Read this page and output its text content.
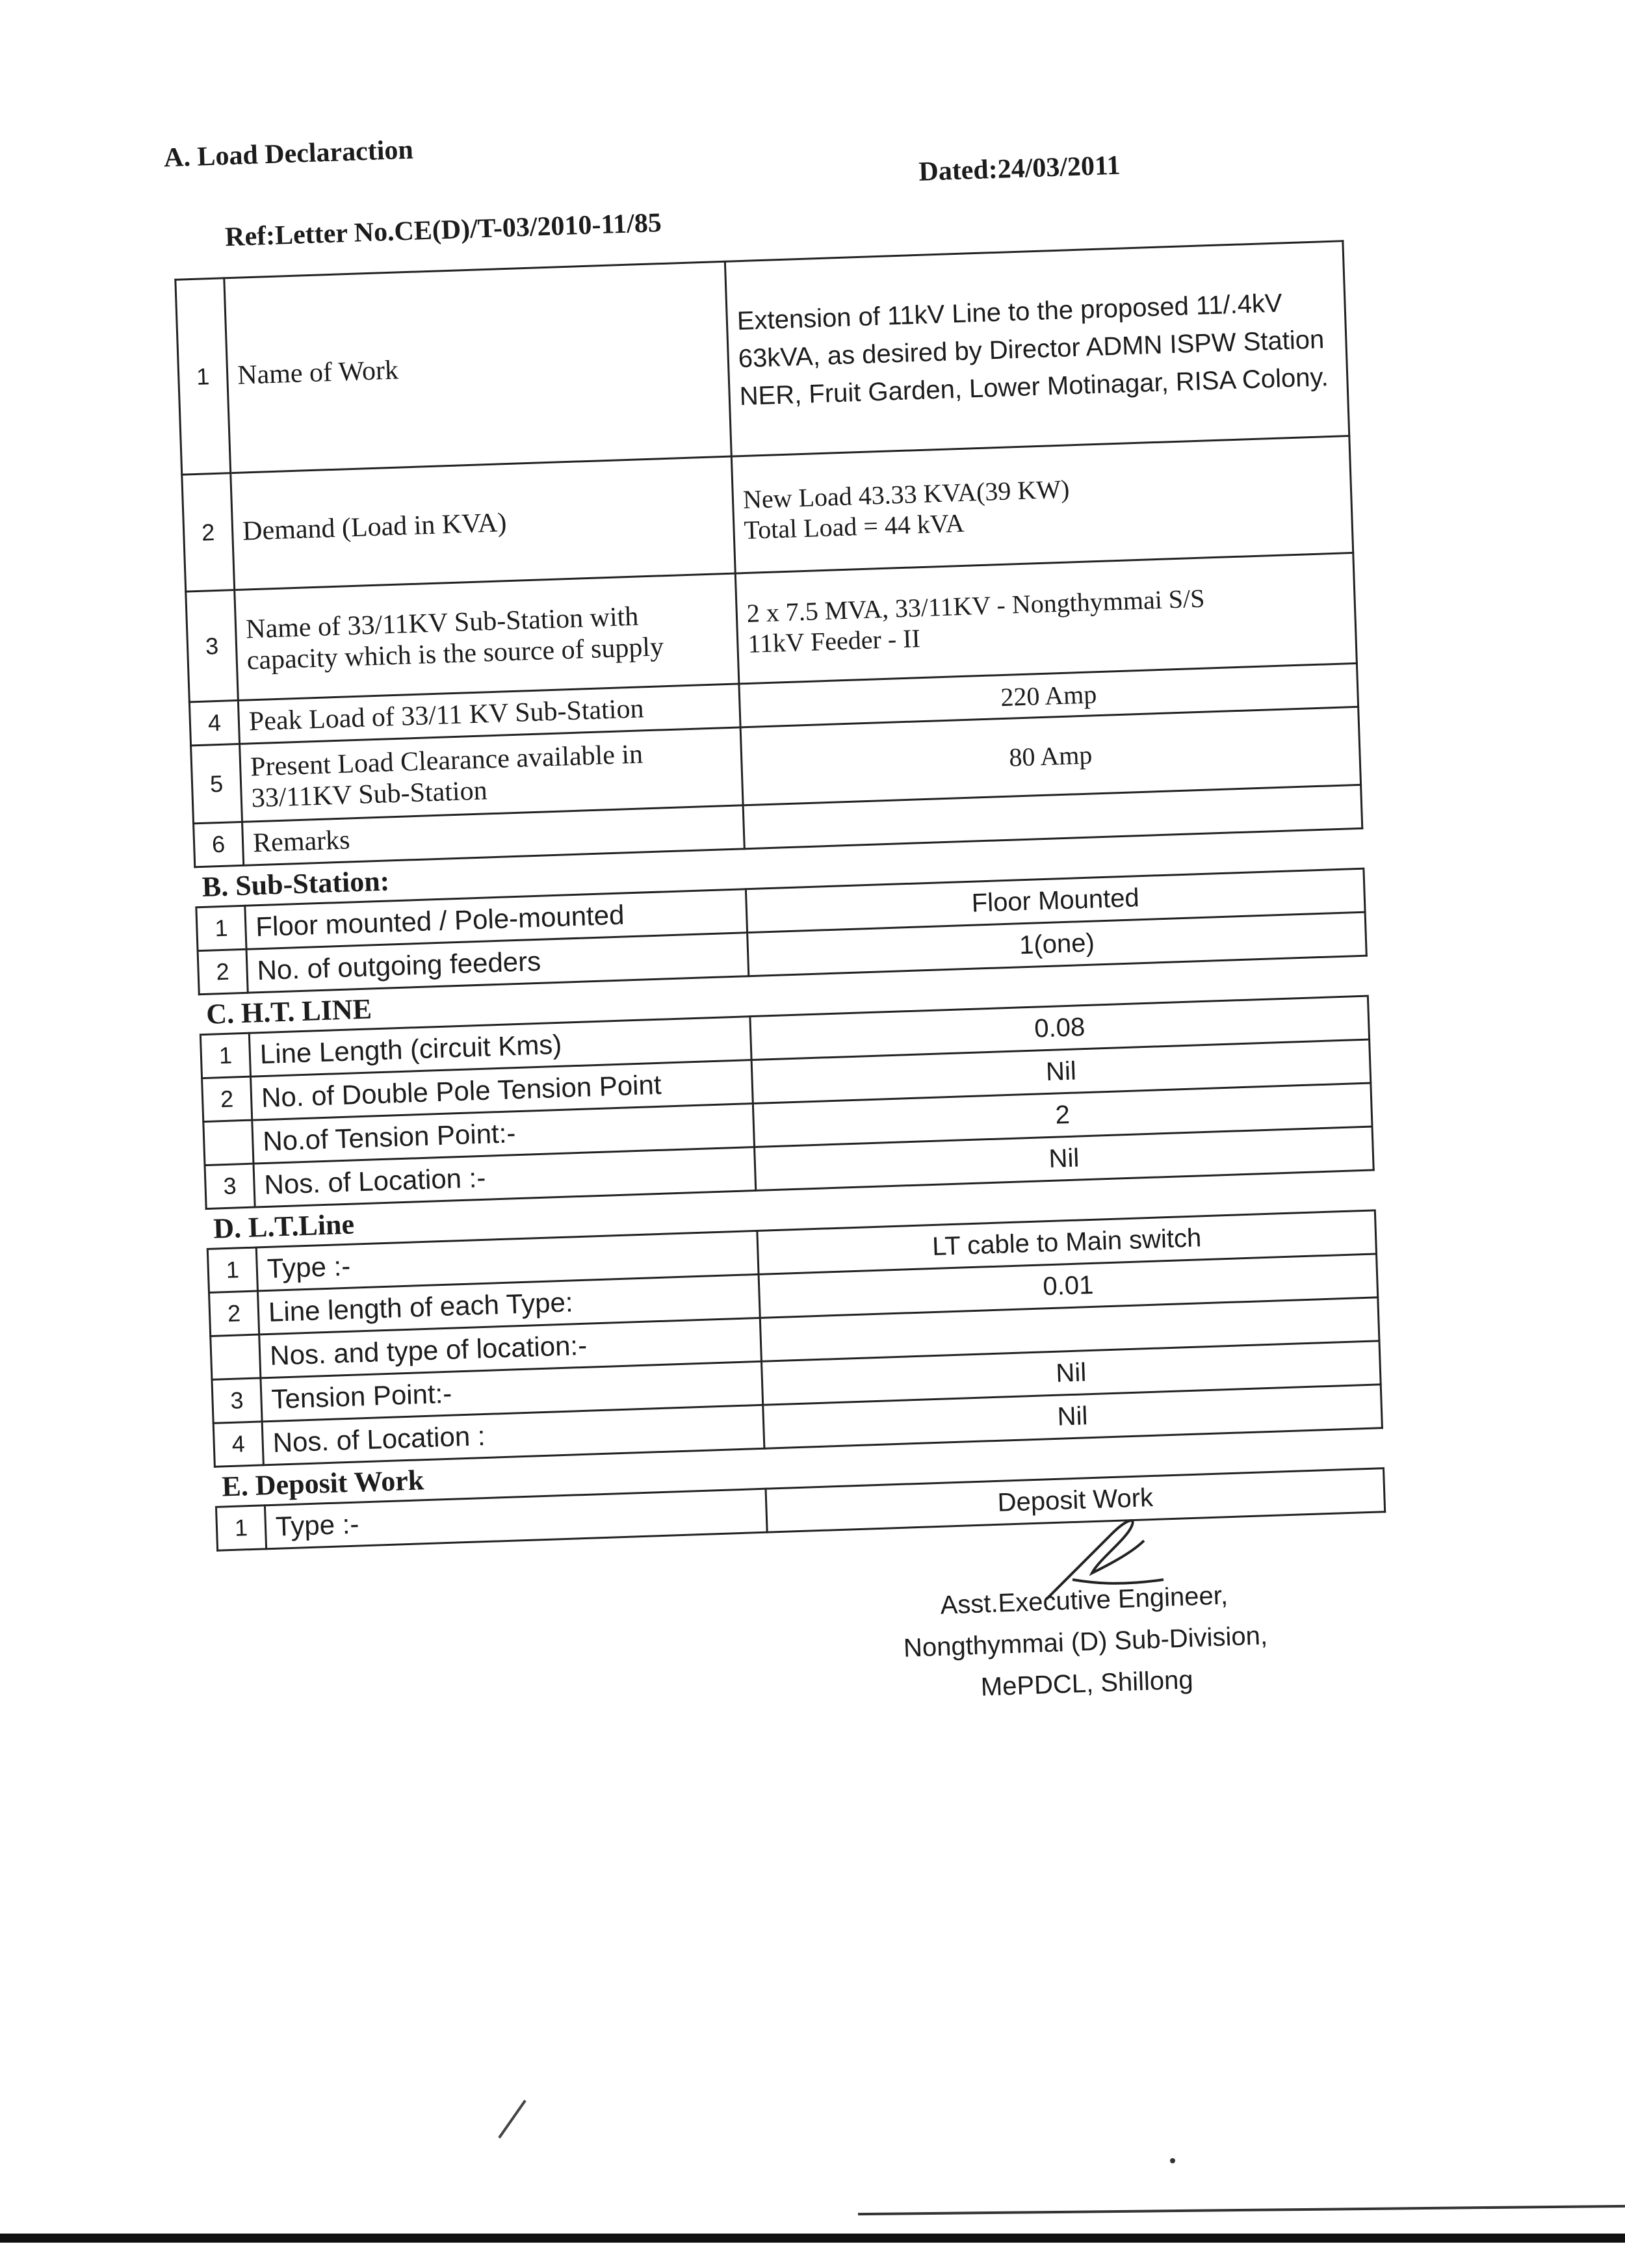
A. Load Declaraction	Dated:24/03/2011
Ref:Letter No.CE(D)/T-03/2010-11/85
1	Name of Work	Extension of 11kV Line to the proposed 11/.4kV 63kVA, as desired by Director ADMN ISPW Station NER, Fruit Garden, Lower Motinagar, RISA Colony.
2	Demand (Load in KVA)	New Load 43.33 KVA(39 KW)
Total Load = 44 kVA

3	Name of 33/11KV Sub-Station with capacity which is the source of supply	2 x 7.5 MVA, 33/11KV - Nongthymmai S/S
11kV Feeder - II

4	Peak Load of 33/11 KV Sub-Station	220 Amp
5	Present Load Clearance available in 33/11KV Sub-Station	80 Amp
6	Remarks	
B. Sub-Station:		
1	Floor mounted / Pole-mounted	Floor Mounted
2	No. of outgoing feeders	1(one)
C. H.T. LINE		
1	Line Length (circuit Kms)	0.08
2	No. of Double Pole Tension Point	Nil
	No.of Tension Point:-	2
3	Nos. of Location :-	Nil
D. L.T.Line		
1	Type :-	LT cable to Main switch
2	Line length of each Type:	0.01
	Nos. and type of location:-	
3	Tension Point:-	Nil
4	Nos. of Location :	Nil
E. Deposit Work		
1	Type :-	Deposit Work
Asst.Executive Engineer,
Nongthymmai (D) Sub-Division,
MePDCL, Shillong
